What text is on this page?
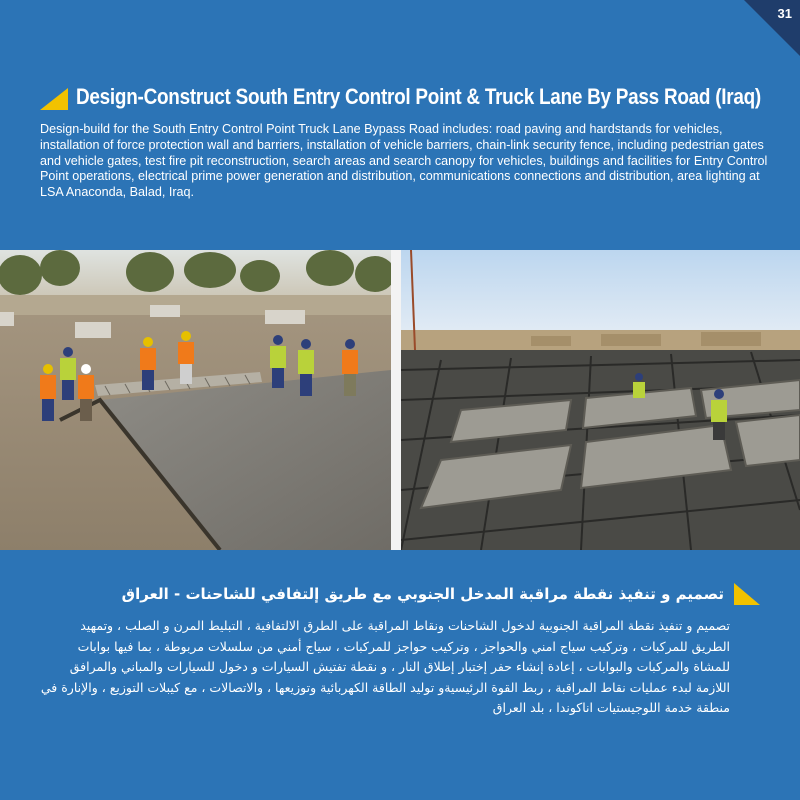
31
Design-Construct South Entry Control Point & Truck Lane By Pass Road (Iraq)
Design-build for the South Entry Control Point Truck Lane Bypass Road includes: road paving and hardstands for vehicles, installation of force protection wall and barriers, installation of vehicle barriers, chain-link security fence, including pedestrian gates and vehicle gates, test fire pit reconstruction, search areas and search canopy for vehicles, buildings and facilities for Entry Control Point operations, electrical prime power generation and distribution, communications connections and distribution, area lighting at LSA Anaconda, Balad, Iraq.
تصميم و تنفيذ نقطة مراقبة المدخل الجنوبي مع طريق إلتفافي للشاحنات - العراق
تصميم و تنفيذ نقطة المراقبة الجنوبية لدخول الشاحنات ونقاط المراقبة على الطرق الالتفافية ، التبليط المرن و الصلب ، وتمهيد الطريق للمركبات ، وتركيب سياج امني والحواجز ، وتركيب حواجز للمركبات ، سياج أمني من سلسلات مربوطة ، بما فيها بوابات للمشاة والمركبات والبوابات ، إعادة إنشاء حفر إختبار إطلاق النار ، و نقطة تفتيش السيارات و دخول للسيارات والمباني والمرافق اللازمة لبدء عمليات نقاط المراقبة ، ربط القوة الرئيسيةو توليد الطاقة الكهربائية وتوزيعها ، والاتصالات ، مع كيبلات التوزيع ، والإنارة في منطقة خدمة اللوجيستيات اناكوندا ، بلد العراق
